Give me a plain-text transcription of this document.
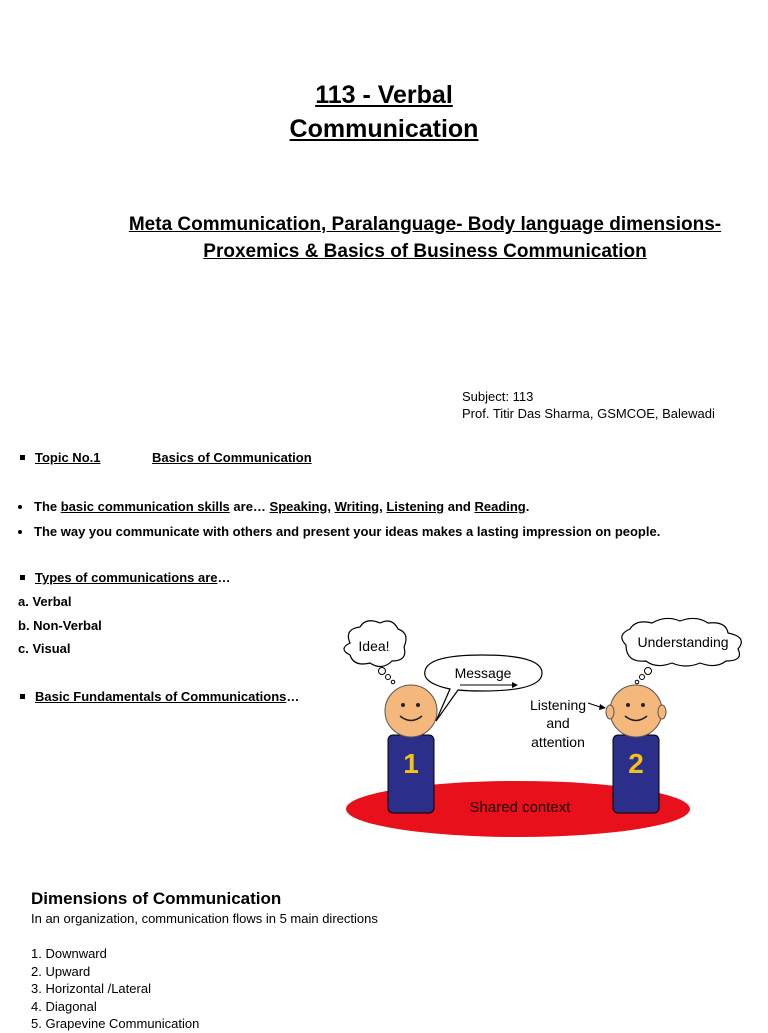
113 - Verbal
Communication
Meta Communication, Paralanguage- Body language dimensions-
Proxemics & Basics of Business Communication
Subject: 113
Prof. Titir Das Sharma, GSMCOE, Balewadi
Topic No.1	Basics of Communication
The basic communication skills are… Speaking, Writing, Listening and Reading.
The way you communicate with others and present your ideas makes a lasting impression on people.
Types of communications are…
a. Verbal
b. Non-Verbal
c. Visual
Basic Fundamentals of Communications…
Shared context
1	2
Idea!
Message
Understanding
Listening
and
attention
Dimensions of Communication
In an organization, communication flows in 5 main directions
1. Downward
2. Upward
3. Horizontal /Lateral
4. Diagonal
5. Grapevine Communication
